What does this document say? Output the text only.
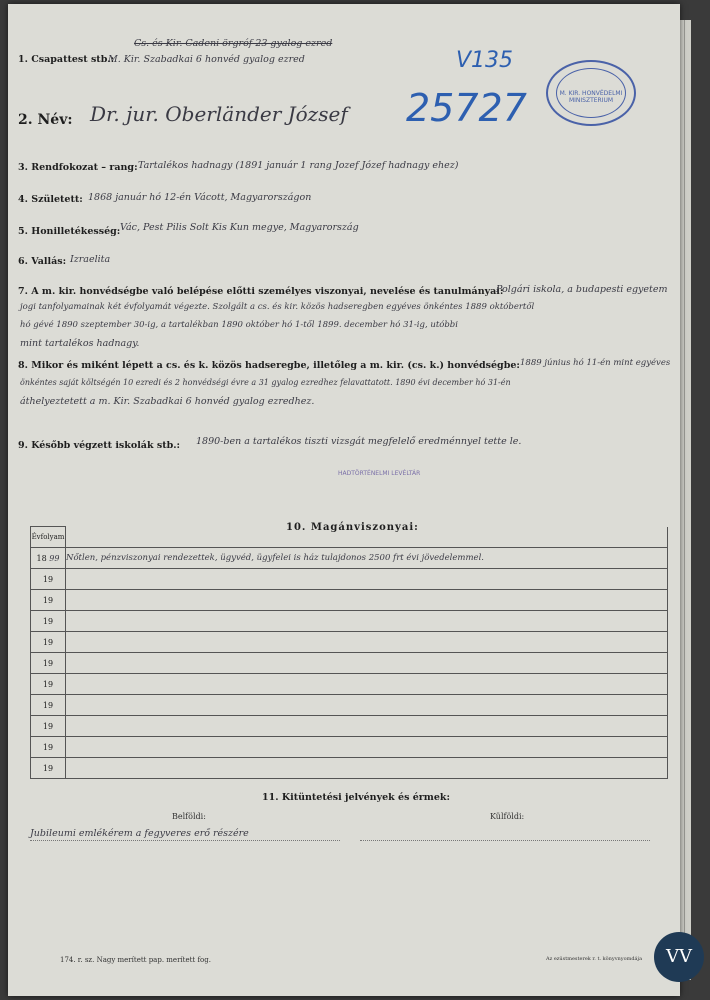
Cs. és Kir. Cadeni örgróf 23 gyalog ezred
1. Csapattest stb.:
M. Kir. Szabadkai 6 honvéd gyalog ezred
2. Név: Dr. jur. Oberländer József
V135
25727	M. KIR. HONVÉDELMI MINISZTERIUM
3. Rendfokozat – rang: Tartalékos hadnagy (1891 január 1 rang Jozef Józef hadnagy ehez)
4. Született: 1868 január hó 12-én Vácott, Magyarországon
5. Honilletékesség: Vác, Pest Pilis Solt Kis Kun megye, Magyarország
6. Vallás: Izraelita
7. A m. kir. honvédségbe való belépése előtti személyes viszonyai, nevelése és tanulmányai:
Polgári iskola, a budapesti egyetem
jogi tanfolyamainak két évfolyamát végezte. Szolgált a cs. és kir. közös hadseregben egyéves önkéntes 1889 októbertől
hó gévé 1890 szeptember 30-ig, a tartalékban 1890 október hó 1-től 1899. december hó 31-ig, utóbbi
mint tartalékos hadnagy.
8. Mikor és miként lépett a cs. és k. közös hadseregbe, illetőleg a m. kir. (cs. k.) honvédségbe: 1889 június hó 11-én mint egyéves
önkéntes saját költségén 10 ezredi és 2 honvédségi évre a 31 gyalog ezredhez felavattatott. 1890 évi december hó 31-én
áthelyeztetett a m. Kir. Szabadkai 6 honvéd gyalog ezredhez.
9. Később végzett iskolák stb.: 1890-ben a tartalékos tiszti vizsgát megfelelő eredménnyel tette le.
HADTÖRTÉNELMI LEVÉLTÁR
10. Magánviszonyai:
Évfolyam	
18 99	Nőtlen, pénzviszonyai rendezettek, ügyvéd, ügyfelei is ház tulajdonos 2500 frt évi jövedelemmel.
19	
19	
19	
19	
19	
19	
19	
19	
19	
19	
11. Kitüntetési jelvények és érmek:
Belföldi:	Külföldi:
Jubileumi emlékérem a fegyveres erő részére
174. r. sz. Nagy merített pap. merített fog.	Az ezüstmesterek r. t. könyvnyomdája	VV
